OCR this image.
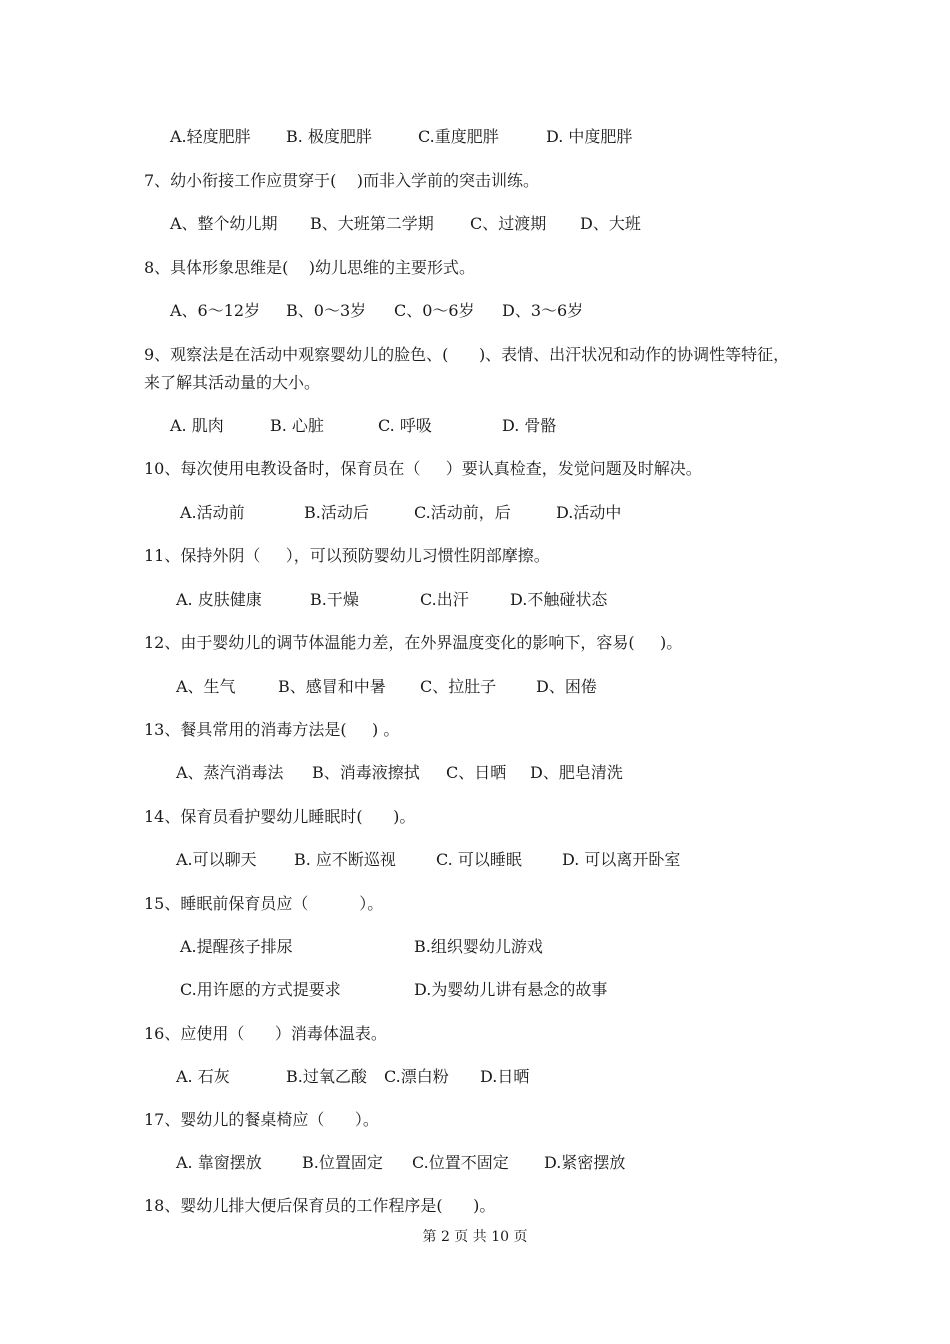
A.轻度肥胖

B. 极度肥胖

	C.重度肥胖

	D. 中度肥胖

7、幼小衔接工作应贯穿于(    )而非入学前的突击训练。

A、整个幼儿期

B、大班第二学期

C、过渡期

D、大班

8、具体形象思维是(    )幼儿思维的主要形式。

A、6～12岁

B、0～3岁

C、0～6岁

D、3～6岁

9、观察法是在活动中观察婴幼儿的脸色、(      )、表情、出汗状况和动作的协调性等特征，
来了解其活动量的大小。

A. 肌肉

	B. 心脏

	C. 呼吸

	D. 骨骼

10、每次使用电教设备时，保育员在（     ）要认真检查，发觉问题及时解决。

A.活动前

	B.活动后

	C.活动前，后

	D.活动中

11、保持外阴（     ），可以预防婴幼儿习惯性阴部摩擦。

A. 皮肤健康

	B.干燥

	C.出汗

	D.不触碰状态

12、由于婴幼儿的调节体温能力差，在外界温度变化的影响下，容易(     )。

A、生气

	B、感冒和中暑

C、拉肚子

D、困倦

13、餐具常用的消毒方法是(     ) 。

A、蒸汽消毒法

B、消毒液擦拭

C、日晒

D、肥皂清洗

14、保育员看护婴幼儿睡眠时(      )。

A.可以聊天

B. 应不断巡视

	C. 可以睡眠

	D. 可以离开卧室

15、睡眠前保育员应（          ）。

A.提醒孩子排尿

	B.组织婴幼儿游戏

C.用许愿的方式提要求

	D.为婴幼儿讲有悬念的故事

16、应使用（      ）消毒体温表。

A. 石灰

	B.过氧乙酸

C.漂白粉

D.日晒

17、婴幼儿的餐桌椅应（      ）。

A. 靠窗摆放

	B.位置固定

C.位置不固定

D.紧密摆放

18、婴幼儿排大便后保育员的工作程序是(      )。
第 2 页 共 10 页
